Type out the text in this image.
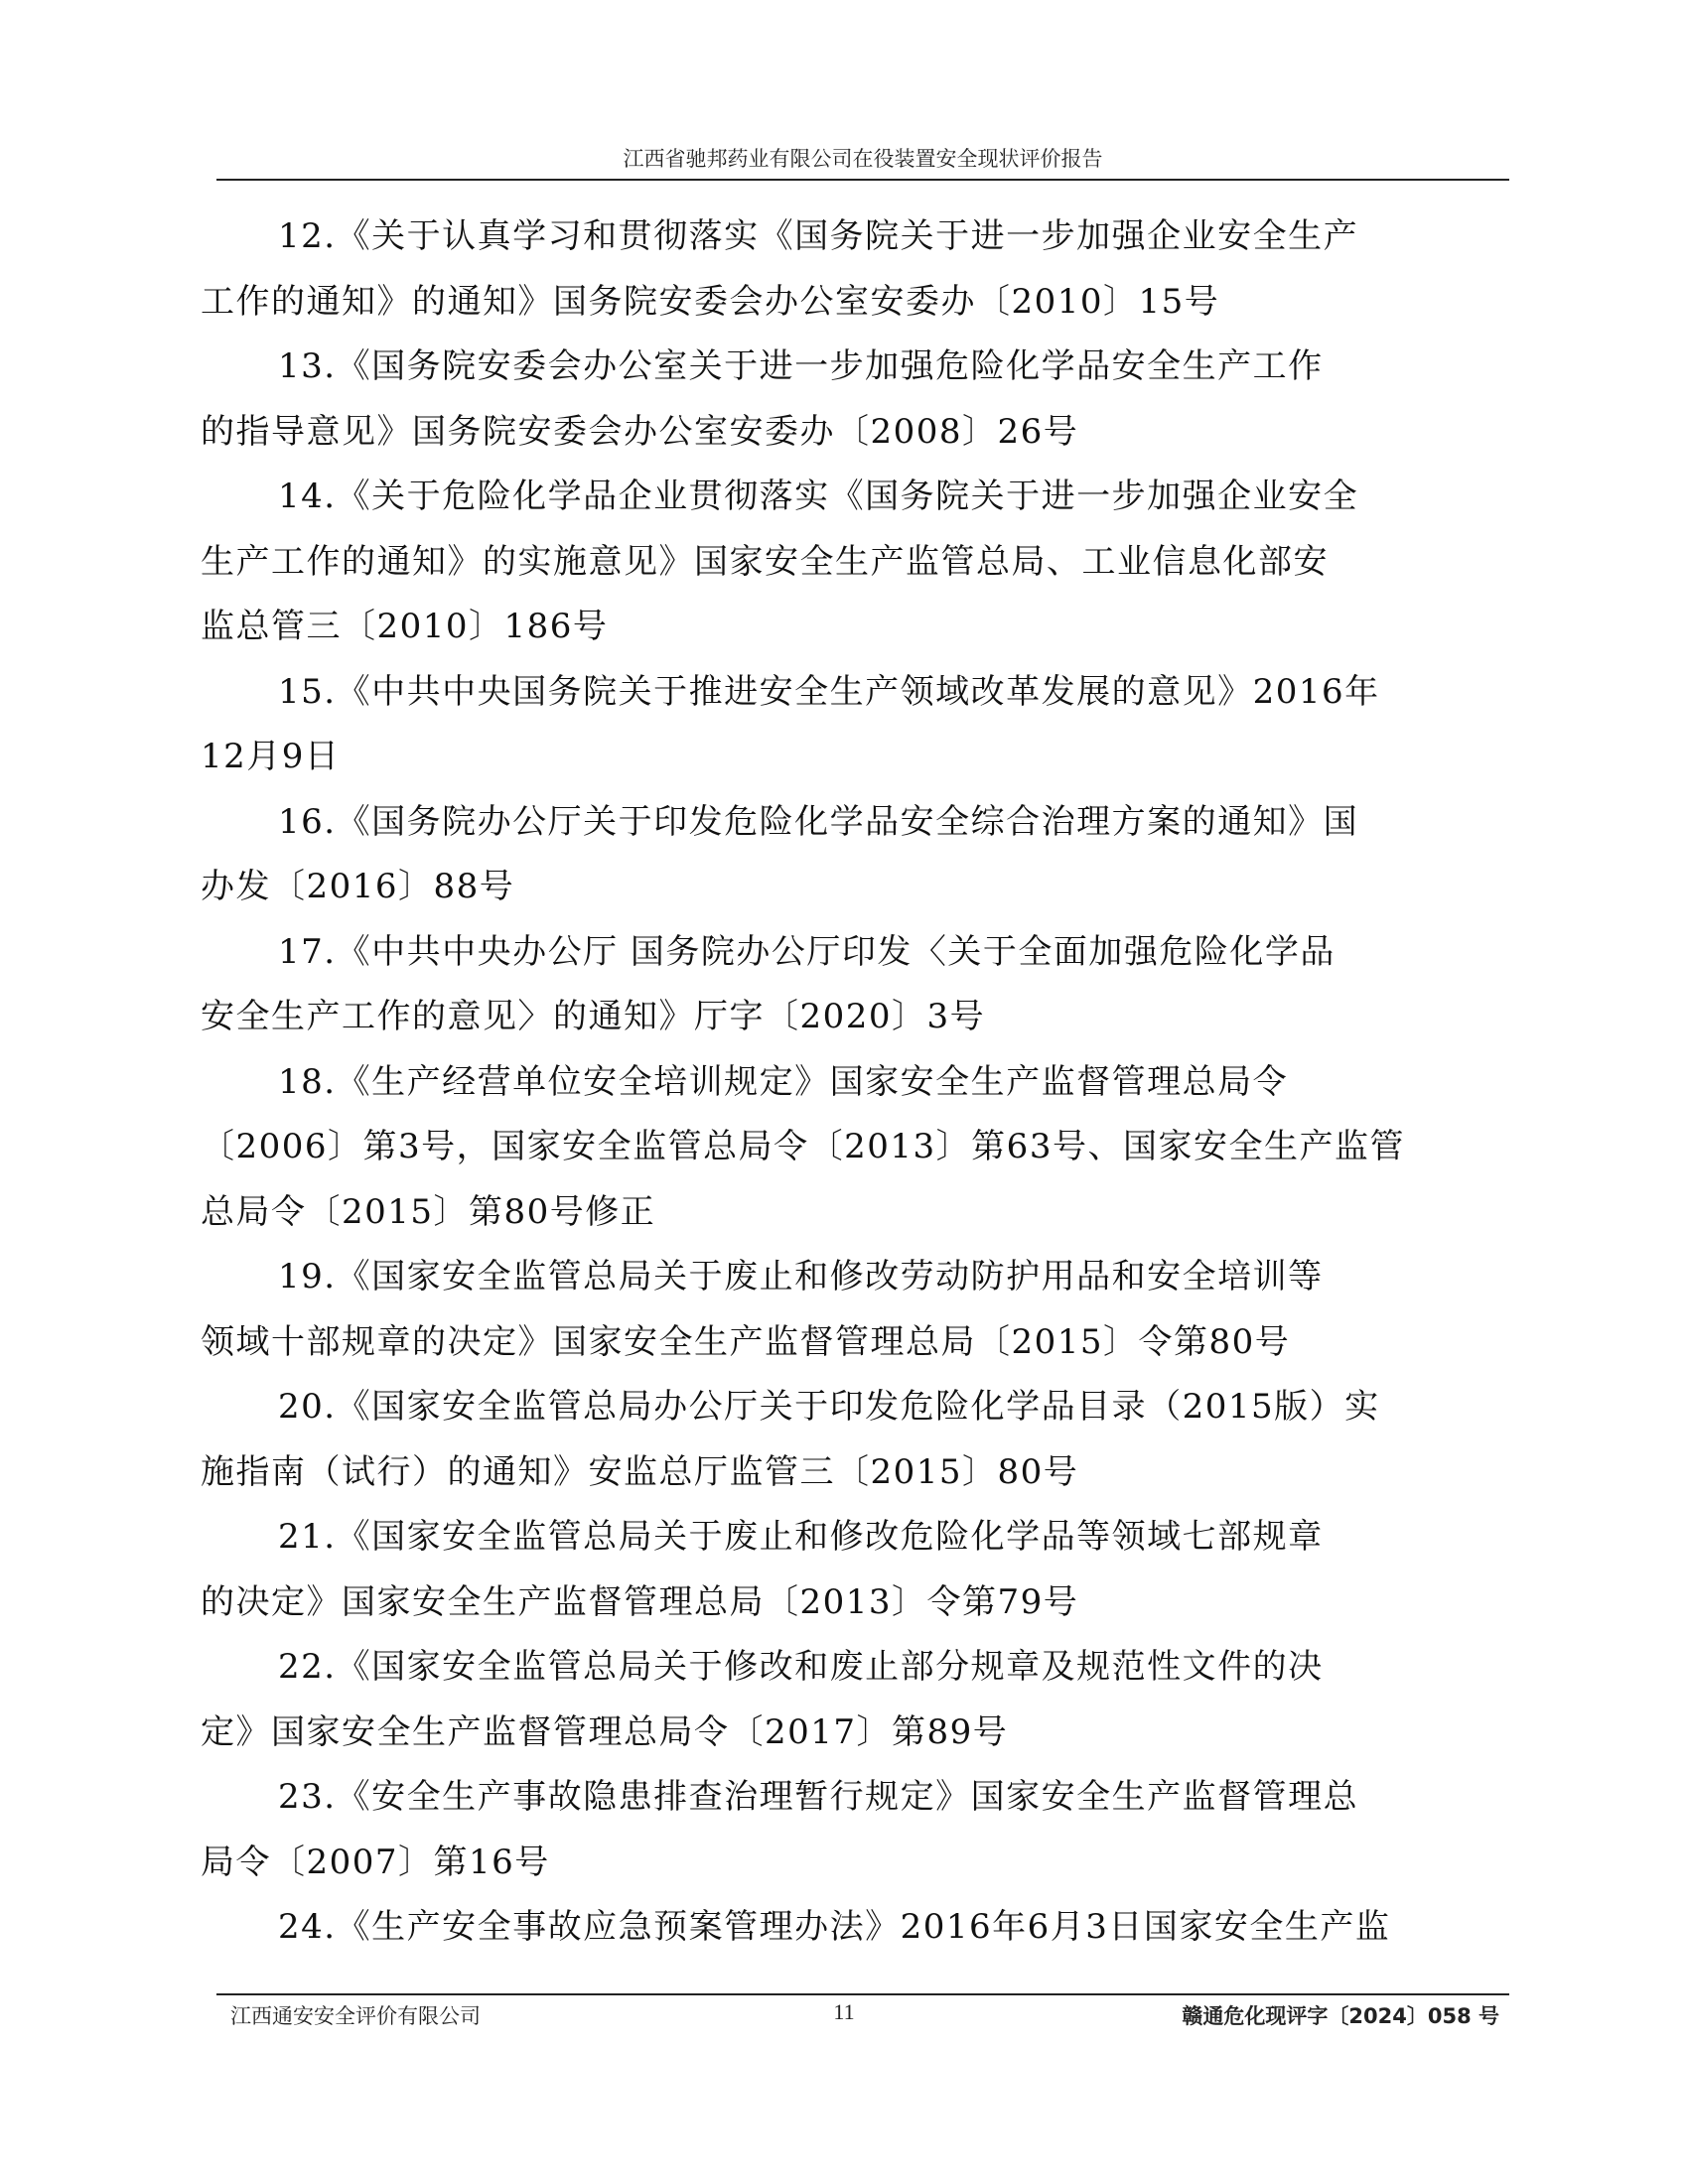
江西省驰邦药业有限公司在役装置安全现状评价报告

12.《关于认真学习和贯彻落实《国务院关于进一步加强企业安全生产
工作的通知》的通知》国务院安委会办公室安委办〔2010〕15号

13.《国务院安委会办公室关于进一步加强危险化学品安全生产工作
的指导意见》国务院安委会办公室安委办〔2008〕26号

14.《关于危险化学品企业贯彻落实《国务院关于进一步加强企业安全
生产工作的通知》的实施意见》国家安全生产监管总局、工业信息化部安
监总管三〔2010〕186号

15.《中共中央国务院关于推进安全生产领域改革发展的意见》2016年
12月9日

16.《国务院办公厅关于印发危险化学品安全综合治理方案的通知》国
办发〔2016〕88号

17.《中共中央办公厅 国务院办公厅印发〈关于全面加强危险化学品
安全生产工作的意见〉的通知》厅字〔2020〕3号

18.《生产经营单位安全培训规定》国家安全生产监督管理总局令
〔2006〕第3号，国家安全监管总局令〔2013〕第63号、国家安全生产监管
总局令〔2015〕第80号修正

19.《国家安全监管总局关于废止和修改劳动防护用品和安全培训等
领域十部规章的决定》国家安全生产监督管理总局〔2015〕令第80号

20.《国家安全监管总局办公厅关于印发危险化学品目录（2015版）实
施指南（试行）的通知》安监总厅监管三〔2015〕80号

21.《国家安全监管总局关于废止和修改危险化学品等领域七部规章
的决定》国家安全生产监督管理总局〔2013〕令第79号

22.《国家安全监管总局关于修改和废止部分规章及规范性文件的决
定》国家安全生产监督管理总局令〔2017〕第89号

23.《安全生产事故隐患排查治理暂行规定》国家安全生产监督管理总
局令〔2007〕第16号

24.《生产安全事故应急预案管理办法》2016年6月3日国家安全生产监

江西通安安全评价有限公司	11	赣通危化现评字〔2024〕058 号
